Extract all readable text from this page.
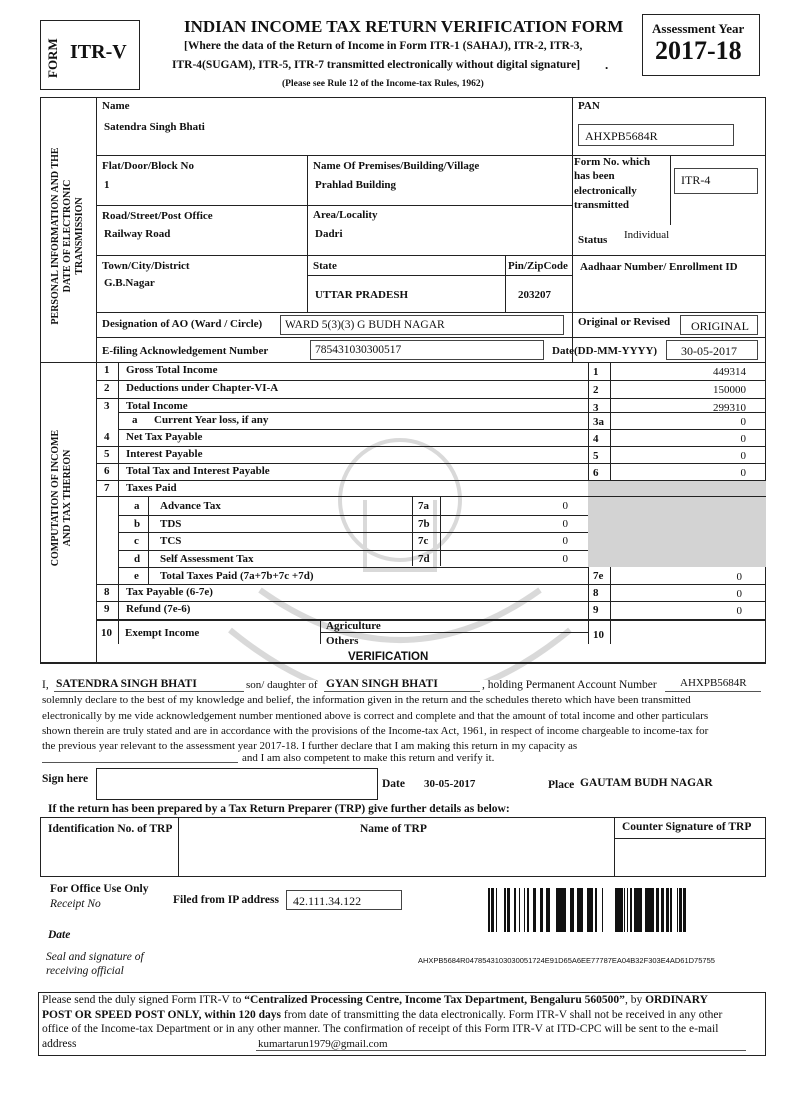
FORM ITR-V
INDIAN INCOME TAX RETURN VERIFICATION FORM
[Where the data of the Return of Income in Form ITR-1 (SAHAJ), ITR-2, ITR-3,
ITR-4(SUGAM), ITR-5, ITR-7 transmitted electronically without digital signature] .
(Please see Rule 12 of the Income-tax Rules, 1962)
Assessment Year
2017-18
PERSONAL INFORMATION AND THE DATE OF ELECTRONIC TRANSMISSION
COMPUTATION OF INCOME AND TAX THEREON
Name
Satendra Singh Bhati
PAN
AHXPB5684R
Flat/Door/Block No
1
Name Of Premises/Building/Village
Prahlad Building
Form No. which
has been
electronically
transmitted
ITR-4
Road/Street/Post Office
Railway Road
Area/Locality
Dadri	Status Individual
Town/City/District
G.B.Nagar
State
UTTAR PRADESH
Pin/ZipCode
203207
Aadhaar Number/ Enrollment ID
Designation of AO (Ward / Circle)	WARD 5(3)(3) G BUDH NAGAR	Original or Revised	ORIGINAL
E-filing Acknowledgement Number	785431030300517	Date(DD-MM-YYYY)	30-05-2017
1 Gross Total Income	1	449314
2 Deductions under Chapter-VI-A	2	150000
3 Total Income	3	299310
a Current Year loss, if any	3a	0
4 Net Tax Payable	4	0
5 Interest Payable	5	0
6 Total Tax and Interest Payable	6	0
7 Taxes Paid
a Advance Tax	7a	0
b TDS	7b	0
c TCS	7c	0
d Self Assessment Tax	7d	0
e Total Taxes Paid (7a+7b+7c +7d)	7e	0
8 Tax Payable (6-7e)	8	0
9 Refund (7e-6)	9	0
10 Exempt Income
Agriculture
Others	10
VERIFICATION
I, SATENDRA SINGH BHATI	son/ daughter of GYAN SINGH BHATI	, holding Permanent Account Number AHXPB5684R
solemnly declare to the best of my knowledge and belief, the information given in the return and the schedules thereto which have been transmitted
electronically by me vide acknowledgement number mentioned above is correct and complete and that the amount of total income and other particulars
shown therein are truly stated and are in accordance with the provisions of the Income-tax Act, 1961, in respect of income chargeable to income-tax for
the previous year relevant to the assessment year 2017-18. I further declare that I am making this return in my capacity as
and I am also competent to make this return and verify it.
Sign here	Date 30-05-2017	Place GAUTAM BUDH NAGAR
If the return has been prepared by a Tax Return Preparer (TRP) give further details as below:
Identification No. of TRP	Name of TRP	Counter Signature of TRP
For Office Use Only
Receipt No	Filed from IP address	42.111.34.122
Date
Seal and signature of
receiving official
AHXPB5684R0478543103030051724E91D65A6EE77787EA04B32F303E4AD61D75755
Please send the duly signed Form ITR-V to “Centralized Processing Centre, Income Tax Department, Bengaluru 560500”, by ORDINARY
POST OR SPEED POST ONLY, within 120 days from date of transmitting the data electronically. Form ITR-V shall not be received in any other
office of the Income-tax Department or in any other manner. The confirmation of receipt of this Form ITR-V at ITD-CPC will be sent to the e-mail
address	kumartarun1979@gmail.com
